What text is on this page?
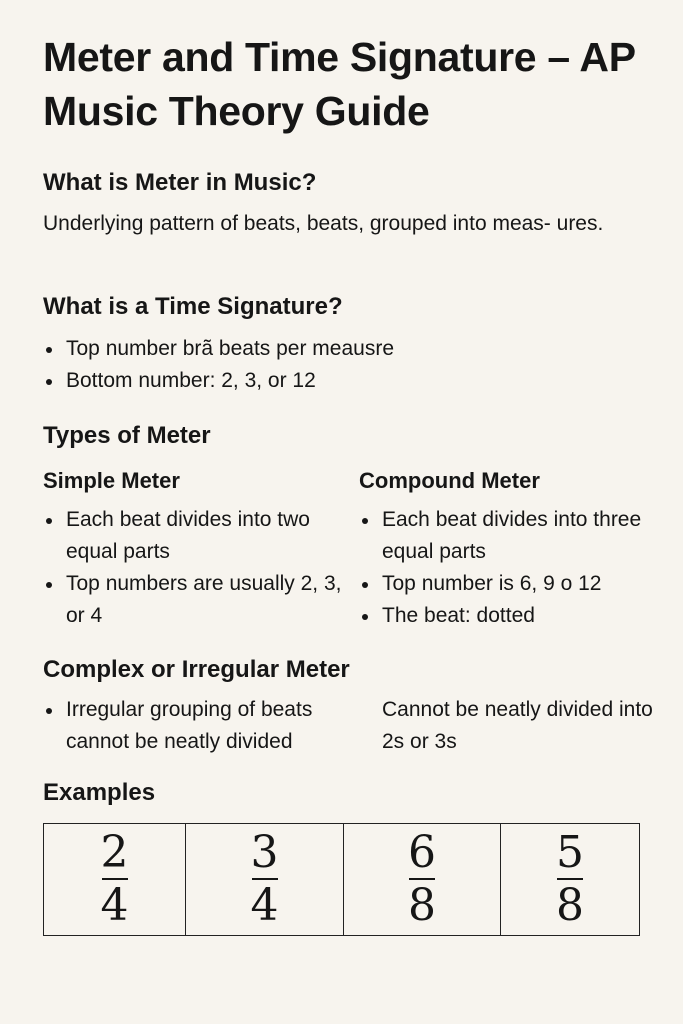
Meter and Time Signature – AP Music Theory Guide
What is Meter in Music?

Underlying pattern of beats, beats, grouped into meas- ures.

What is a Time Signature?
Top number brã beats per meausre
Bottom number: 2, 3, or 12
Types of Meter
Simple Meter
Each beat divides into two equal parts
Top numbers are usually 2, 3, or 4
Compound Meter
Each beat divides into three equal parts
Top number is 6, 9 o 12
The beat: dotted
Complex or Irregular Meter
Irregular grouping of beats cannot be neatly divided

Cannot be neatly divided into 2s or 3s

Examples
$\frac{2}{4}$	$\frac{3}{4}$	$\frac{6}{8}$	$\frac{5}{8}$
